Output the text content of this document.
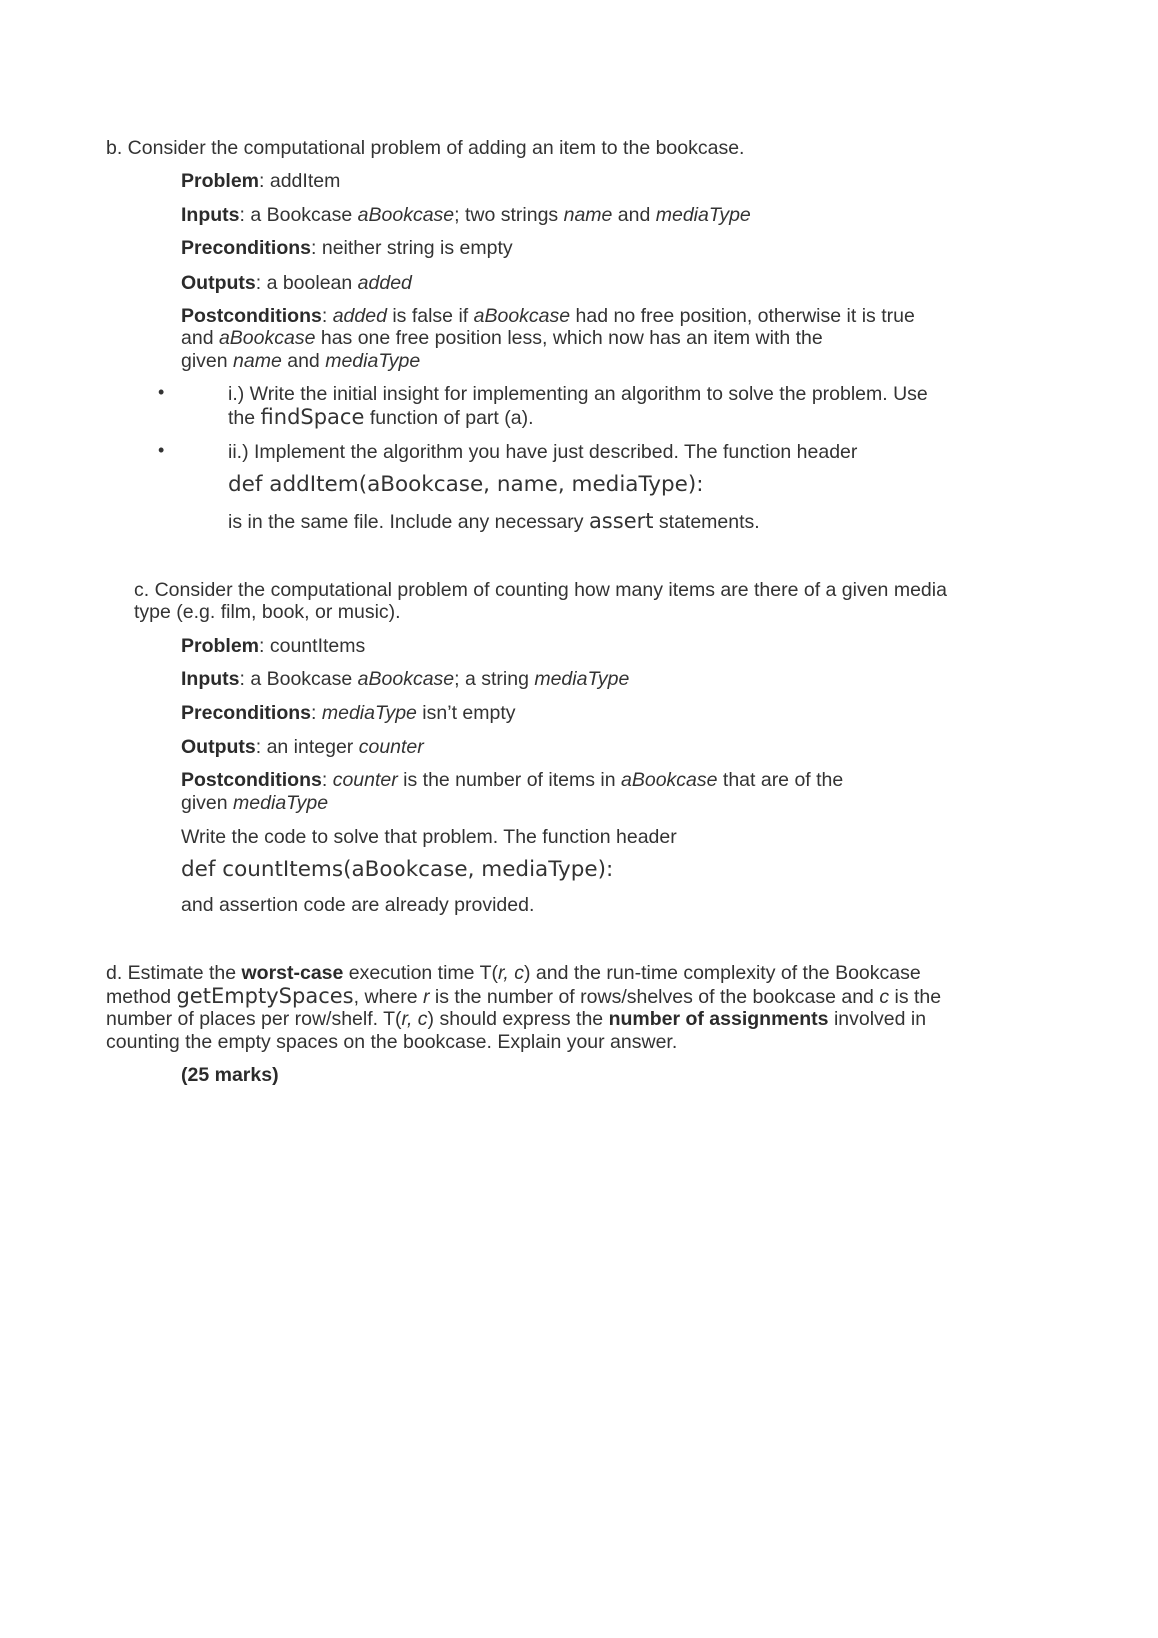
b. Consider the computational problem of adding an item to the bookcase.
Problem: addItem
Inputs: a Bookcase aBookcase; two strings name and mediaType
Preconditions: neither string is empty
Outputs: a boolean added
Postconditions: added is false if aBookcase had no free position, otherwise it is true
and aBookcase has one free position less, which now has an item with the
given name and mediaType
•	i.) Write the initial insight for implementing an algorithm to solve the problem. Use
the findSpace function of part (a).
•	ii.) Implement the algorithm you have just described. The function header
def addItem(aBookcase, name, mediaType):
is in the same file. Include any necessary assert statements.
c. Consider the computational problem of counting how many items are there of a given media
type (e.g. film, book, or music).
Problem: countItems
Inputs: a Bookcase aBookcase; a string mediaType
Preconditions: mediaType isn’t empty
Outputs: an integer counter
Postconditions: counter is the number of items in aBookcase that are of the
given mediaType
Write the code to solve that problem. The function header
def countItems(aBookcase, mediaType):
and assertion code are already provided.
d. Estimate the worst-case execution time T(r, c) and the run-time complexity of the Bookcase
method getEmptySpaces, where r is the number of rows/shelves of the bookcase and c is the
number of places per row/shelf. T(r, c) should express the number of assignments involved in
counting the empty spaces on the bookcase. Explain your answer.
(25 marks)
